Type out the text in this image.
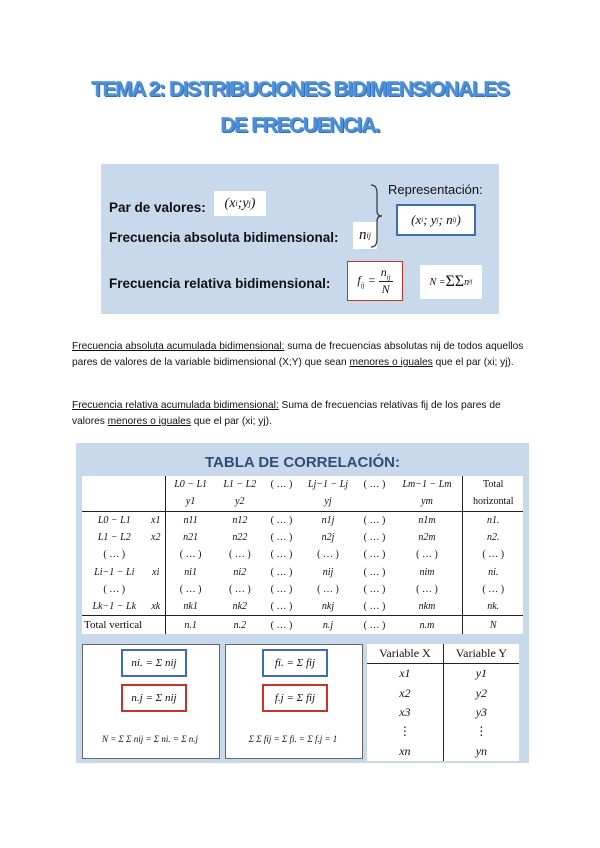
TEMA 2: DISTRIBUCIONES BIDIMENSIONALES
DE FRECUENCIA.
Par de valores:	( x i ; y j )
Frecuencia absoluta bidimensional:	n ij
Representación:
(x i ; y j ; n ij )
Frecuencia relativa bidimensional: $f_{ij}$ =
$n_{ij}$
N
N = ΣΣ n ij
Frecuencia absoluta acumulada bidimensional: suma de frecuencias absolutas nij de todos aquellos pares de valores de la variable bidimensional (X;Y) que sean menores o iguales que el par (xi; yj).
Frecuencia relativa acumulada bidimensional: Suma de frecuencias relativas fij de los pares de valores menores o iguales que el par (xi; yj).
TABLA DE CORRELACIÓN:
		L0 − L1	L1 − L2	( … )	Lj−1 − Lj	( … )	Lm−1 − Lm	Total
		y1	y2		yj		ym	horizontal
L0 − L1	x1	n11	n12	( … )	n1j	( … )	n1m	n1.
L1 − L2	x2	n21	n22	( … )	n2j	( … )	n2m	n2.
( … )		( … )	( … )	( … )	( … )	( … )	( … )	( … )
Li−1 − Li	xi	ni1	ni2	( … )	nij	( … )	nim	ni.
( … )		( … )	( … )	( … )	( … )	( … )	( … )	( … )
Lk−1 − Lk	xk	nk1	nk2	( … )	nkj	( … )	nkm	nk.
Total vertical		n.1	n.2	( … )	n.j	( … )	n.m	N
ni. = Σ nij
n.j = Σ nij
N = Σ Σ nij = Σ ni. = Σ n.j
fi. = Σ fij
f.j = Σ fij
Σ Σ fij = Σ fi. = Σ f.j = 1
Variable X	Variable Y
x1	y1
x2	y2
x3	y3
⋮	⋮
xn	yn
